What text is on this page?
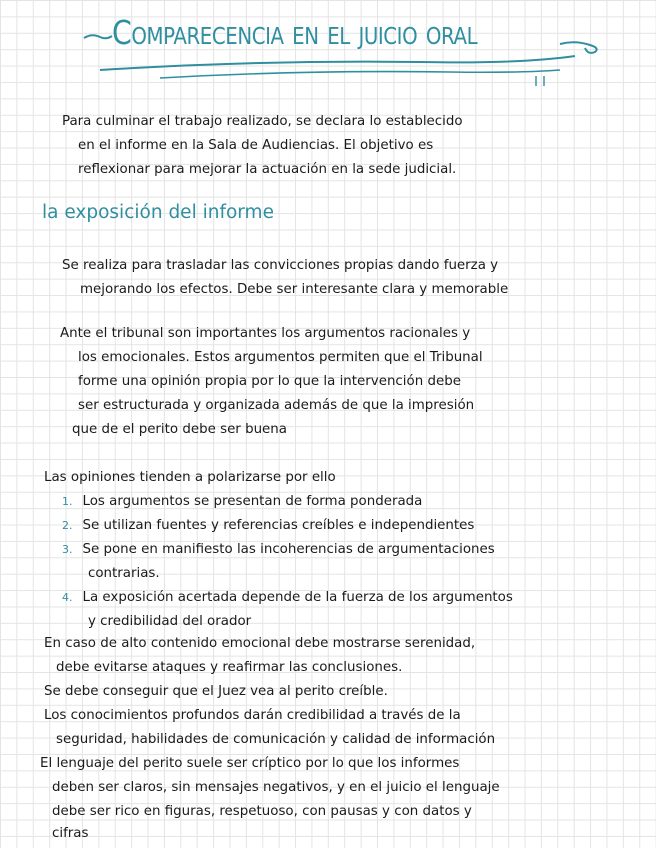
Comparecencia en el juicio oral
Para culminar el trabajo realizado, se declara lo establecido
en el informe en la Sala de Audiencias. El objetivo es
reflexionar para mejorar la actuación en la sede judicial.
la exposición del informe
Se realiza para trasladar las convicciones propias dando fuerza y
mejorando los efectos. Debe ser interesante clara y memorable
Ante el tribunal son importantes los argumentos racionales y
los emocionales. Estos argumentos permiten que el Tribunal
forme una opinión propia por lo que la intervención debe
ser estructurada y organizada además de que la impresión
que de el perito debe ser buena
Las opiniones tienden a polarizarse por ello
1. Los argumentos se presentan de forma ponderada
2. Se utilizan fuentes y referencias creíbles e independientes
3. Se pone en manifiesto las incoherencias de argumentaciones
contrarias.
4. La exposición acertada depende de la fuerza de los argumentos
y credibilidad del orador
En caso de alto contenido emocional debe mostrarse serenidad,
debe evitarse ataques y reafirmar las conclusiones.
Se debe conseguir que el Juez vea al perito creíble.
Los conocimientos profundos darán credibilidad a través de la
seguridad, habilidades de comunicación y calidad de información
El lenguaje del perito suele ser críptico por lo que los informes
deben ser claros, sin mensajes negativos, y en el juicio el lenguaje
debe ser rico en figuras, respetuoso, con pausas y con datos y
cifras
